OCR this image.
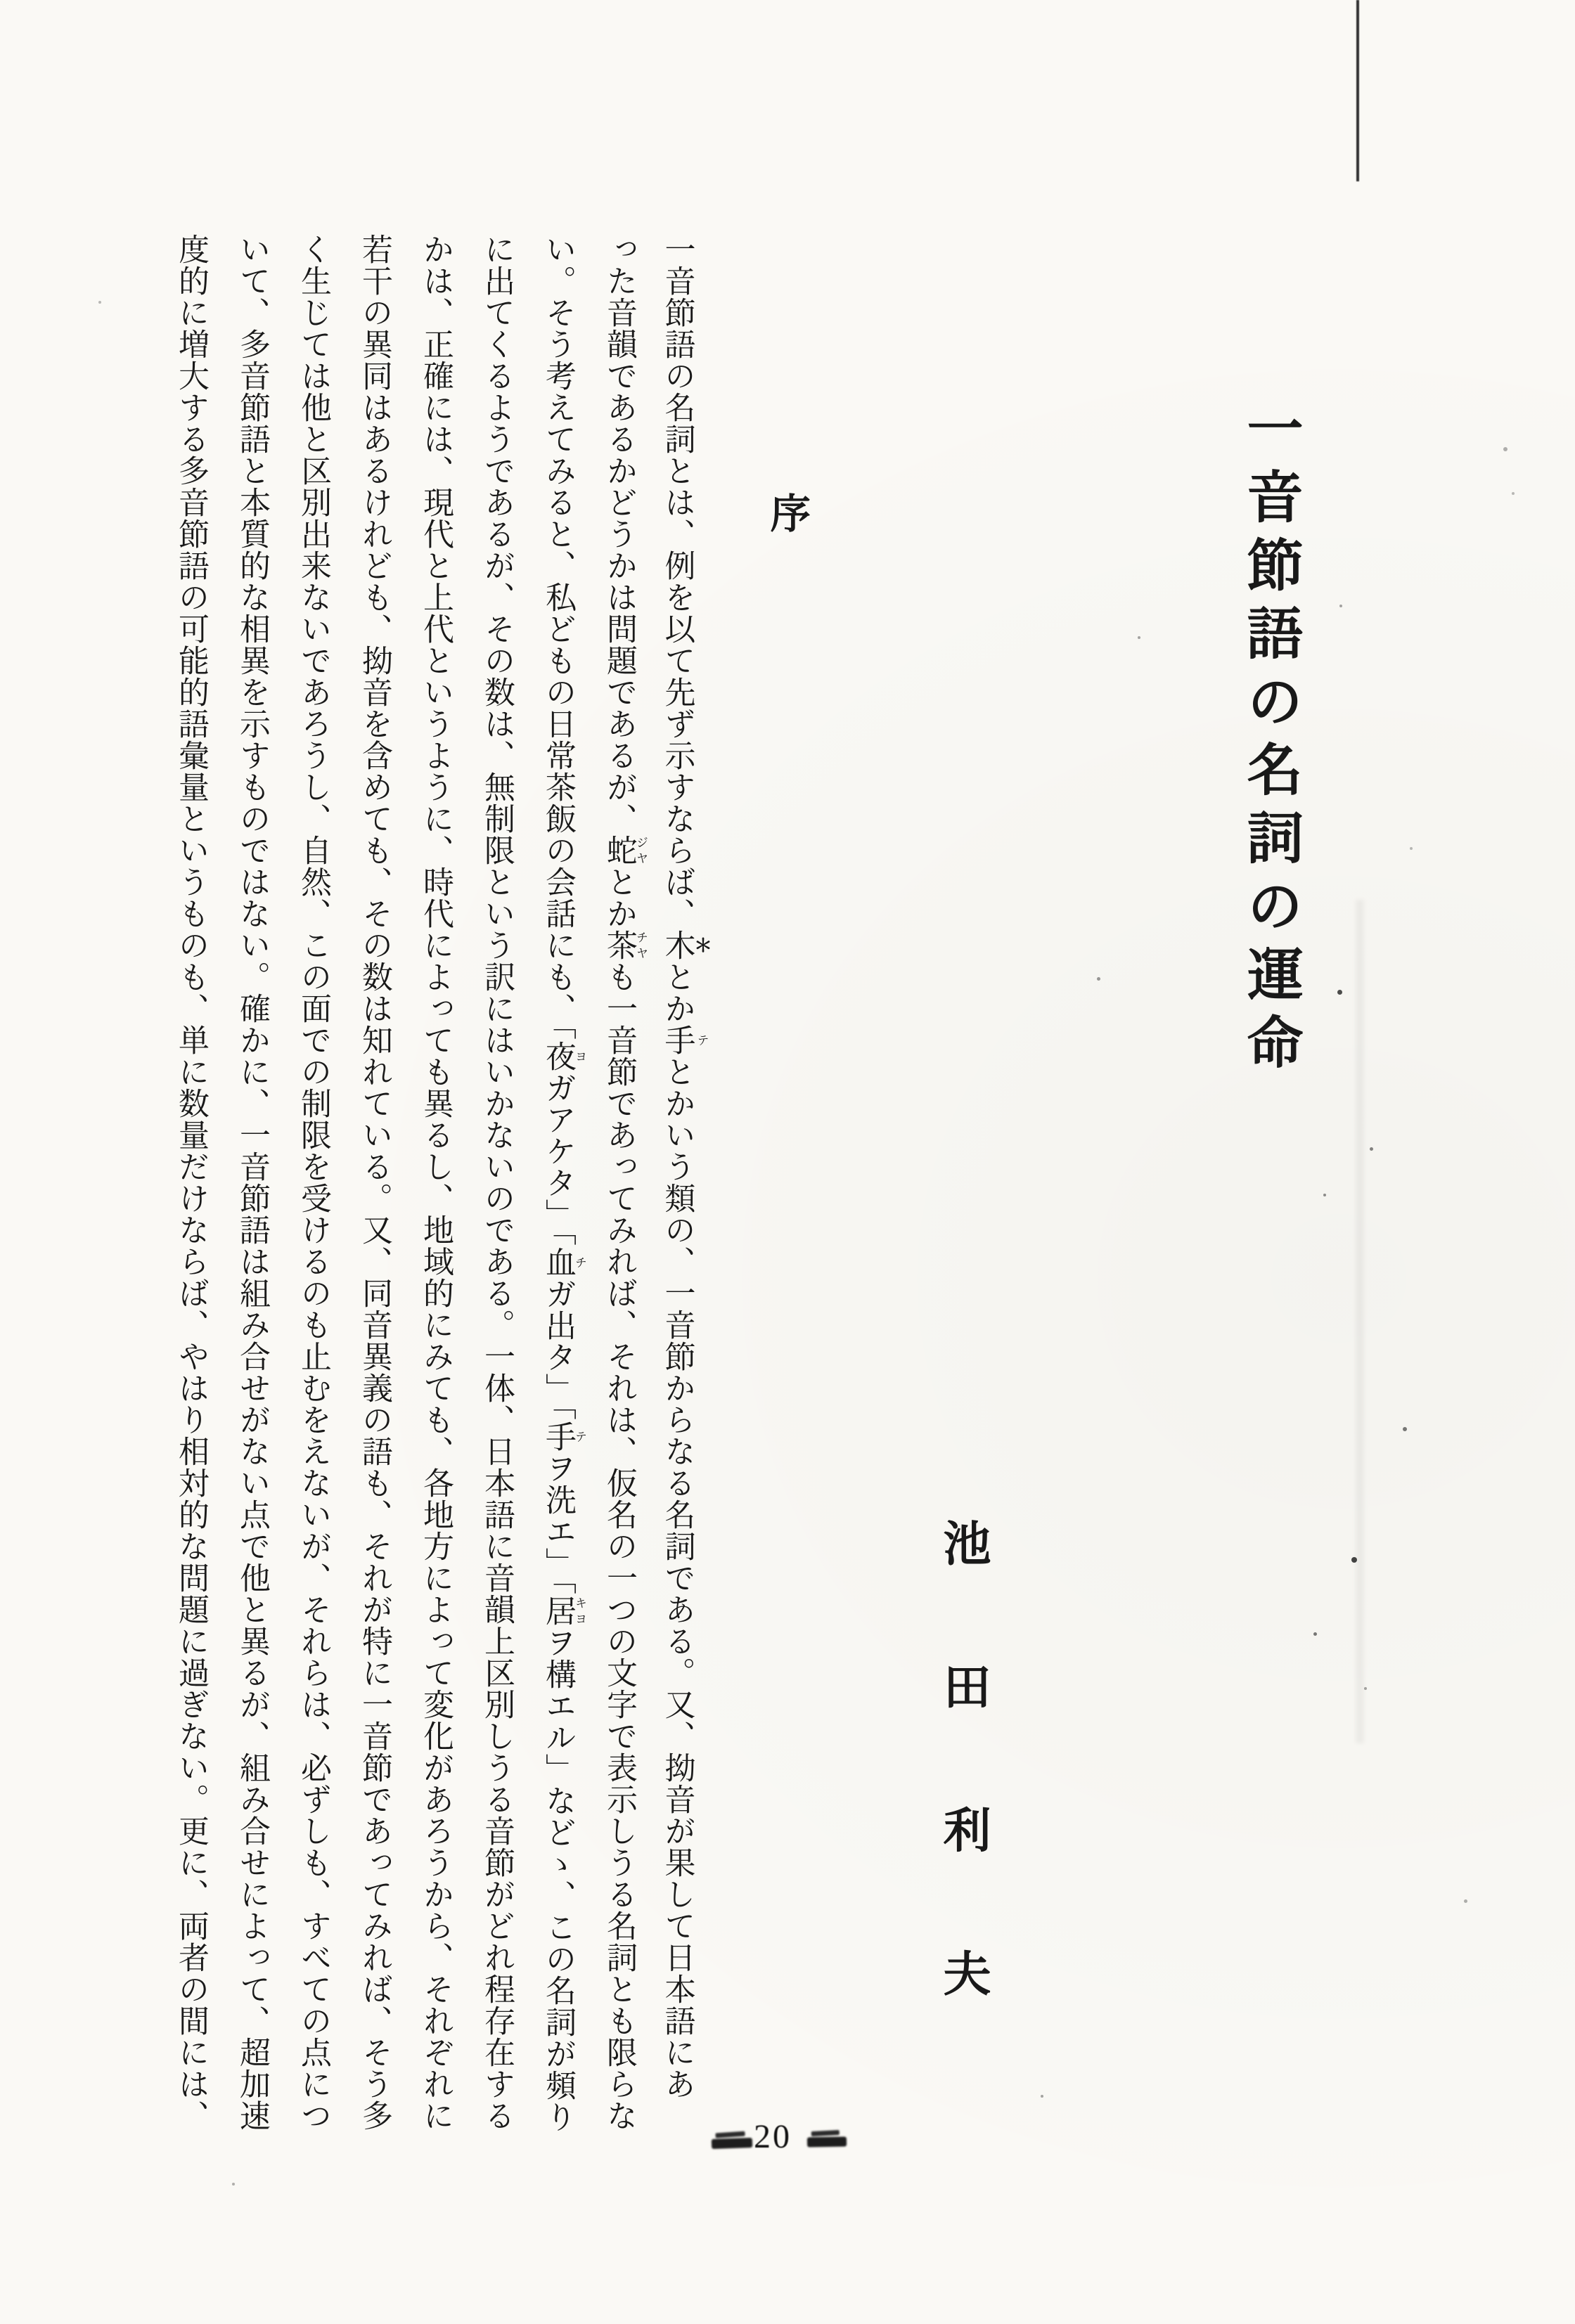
一音節語の名詞の運命
池田利夫
序
一音節語の名詞とは、例を以て先ず示すならば、木＊とか手 テとかいう類の、一音節からなる名詞である。又、拗音が果して日本語にあ
った音韻であるかどうかは問題であるが、蛇ジヤとか茶チヤも一音節であってみれば、それは、仮名の一つの文字で表示しうる名詞とも限らな
い。そう考えてみると、私どもの日常茶飯の会話にも、「夜ヨガアケタ」「血チガ出タ」「手テヲ洗エ」「居キヨヲ構エル」などゝ、この名詞が頻り
に出てくるようであるが、その数は、無制限という訳にはいかないのである。一体、日本語に音韻上区別しうる音節がどれ程存在する
かは、正確には、現代と上代というように、時代によっても異るし、地域的にみても、各地方によって変化があろうから、それぞれに
若干の異同はあるけれども、拗音を含めても、その数は知れている。又、同音異義の語も、それが特に一音節であってみれば、そう多
く生じては他と区別出来ないであろうし、自然、この面での制限を受けるのも止むをえないが、それらは、必ずしも、すべての点につ
いて、多音節語と本質的な相異を示すものではない。確かに、一音節語は組み合せがない点で他と異るが、組み合せによって、超加速
度的に増大する多音節語の可能的語彙量というものも、単に数量だけならば、やはり相対的な問題に過ぎない。更に、両者の間には、
20
